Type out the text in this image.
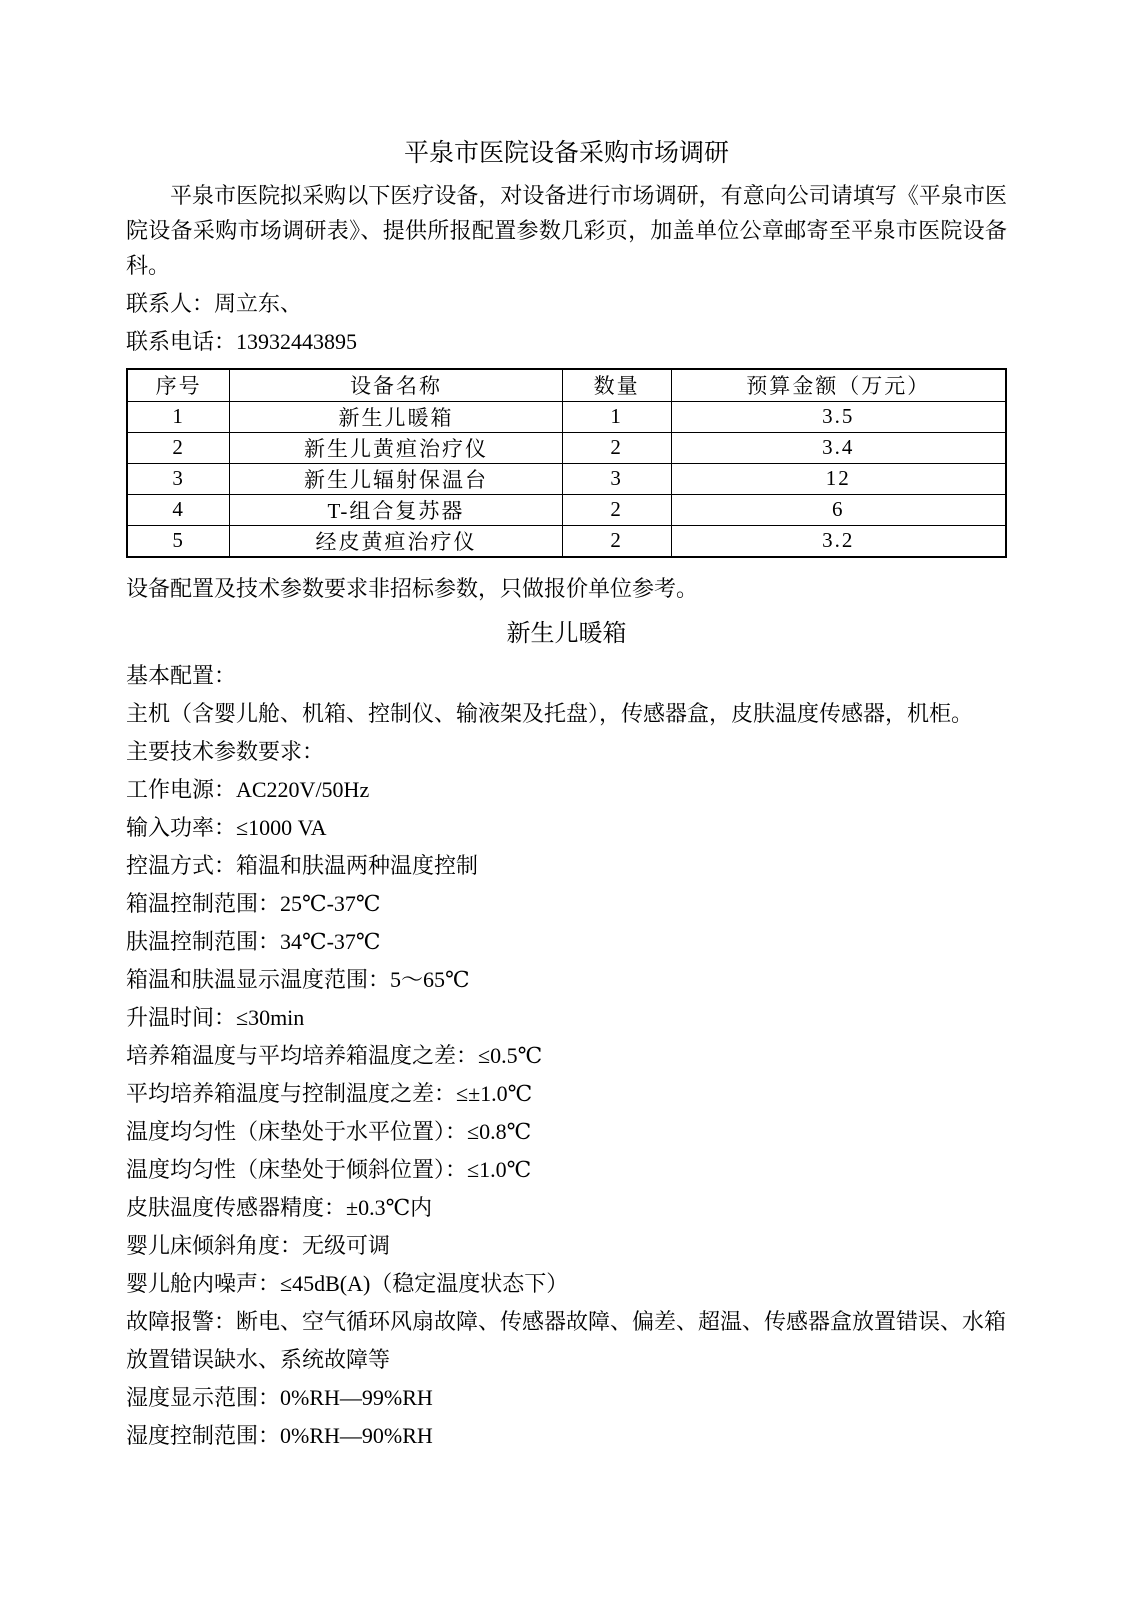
平泉市医院设备采购市场调研

平泉市医院拟采购以下医疗设备，对设备进行市场调研，有意向公司请填写《平泉市医院设备采购市场调研表》、提供所报配置参数几彩页，加盖单位公章邮寄至平泉市医院设备科。

联系人：周立东、

联系电话：13932443895

序号	设备名称	数量	预算金额（万元）
1	新生儿暖箱	1	3.5
2	新生儿黄疸治疗仪	2	3.4
3	新生儿辐射保温台	3	12
4	T-组合复苏器	2	6
5	经皮黄疸治疗仪	2	3.2

设备配置及技术参数要求非招标参数，只做报价单位参考。

新生儿暖箱

基本配置：

主机（含婴儿舱、机箱、控制仪、输液架及托盘），传感器盒，皮肤温度传感器，机柜。

主要技术参数要求：

工作电源：AC220V/50Hz

输入功率：≤1000 VA

控温方式：箱温和肤温两种温度控制

箱温控制范围：25℃-37℃

肤温控制范围：34℃-37℃

箱温和肤温显示温度范围：5～65℃

升温时间：≤30min

培养箱温度与平均培养箱温度之差：≤0.5℃

平均培养箱温度与控制温度之差：≤±1.0℃

温度均匀性（床垫处于水平位置）：≤0.8℃

温度均匀性（床垫处于倾斜位置）：≤1.0℃

皮肤温度传感器精度：±0.3℃内

婴儿床倾斜角度：无级可调

婴儿舱内噪声：≤45dB(A)（稳定温度状态下）

故障报警：断电、空气循环风扇故障、传感器故障、偏差、超温、传感器盒放置错误、水箱放置错误缺水、系统故障等

湿度显示范围：0%RH—99%RH

湿度控制范围：0%RH—90%RH
